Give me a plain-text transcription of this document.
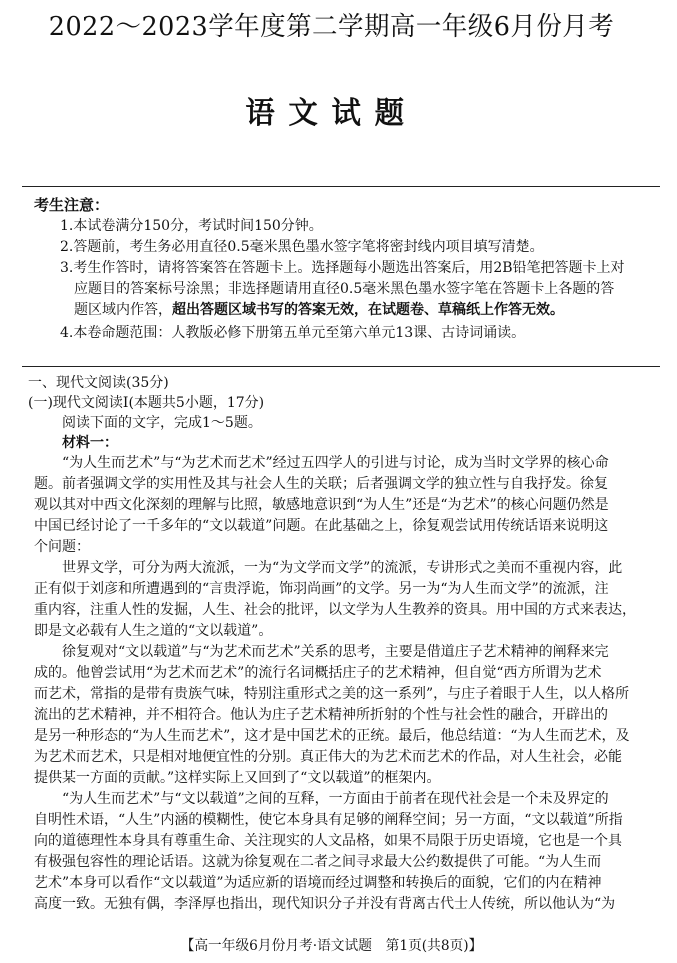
2022～2023学年度第二学期高一年级6月份月考
语文试题
考生注意：
1.本试卷满分150分，考试时间150分钟。
2.答题前，考生务必用直径0.5毫米黑色墨水签字笔将密封线内项目填写清楚。
3.考生作答时，请将答案答在答题卡上。选择题每小题选出答案后，用2B铅笔把答题卡上对
应题目的答案标号涂黑；非选择题请用直径0.5毫米黑色墨水签字笔在答题卡上各题的答
题区域内作答，超出答题区域书写的答案无效，在试题卷、草稿纸上作答无效。
4.本卷命题范围：人教版必修下册第五单元至第六单元13课、古诗词诵读。
一、现代文阅读(35分)
(一)现代文阅读Ⅰ(本题共5小题，17分)
阅读下面的文字，完成1～5题。
材料一：
“为人生而艺术”与“为艺术而艺术”经过五四学人的引进与讨论，成为当时文学界的核心命
题。前者强调文学的实用性及其与社会人生的关联；后者强调文学的独立性与自我抒发。徐复
观以其对中西文化深刻的理解与比照，敏感地意识到“为人生”还是“为艺术”的核心问题仍然是
中国已经讨论了一千多年的“文以载道”问题。在此基础之上，徐复观尝试用传统话语来说明这
个问题：
世界文学，可分为两大流派，一为“为文学而文学”的流派，专讲形式之美而不重视内容，此
正有似于刘彦和所遭遇到的“言贵浮诡，饰羽尚画”的文学。另一为“为人生而文学”的流派，注
重内容，注重人性的发掘，人生、社会的批评，以文学为人生教养的资具。用中国的方式来表达，
即是文必载有人生之道的“文以载道”。
徐复观对“文以载道”与“为艺术而艺术”关系的思考，主要是借道庄子艺术精神的阐释来完
成的。他曾尝试用“为艺术而艺术”的流行名词概括庄子的艺术精神，但自觉“西方所谓为艺术
而艺术，常指的是带有贵族气味，特别注重形式之美的这一系列”，与庄子着眼于人生，以人格所
流出的艺术精神，并不相符合。他认为庄子艺术精神所折射的个性与社会性的融合，开辟出的
是另一种形态的“为人生而艺术”，这才是中国艺术的正统。最后，他总结道：“为人生而艺术，及
为艺术而艺术，只是相对地便宜性的分别。真正伟大的为艺术而艺术的作品，对人生社会，必能
提供某一方面的贡献。”这样实际上又回到了“文以载道”的框架内。
“为人生而艺术”与“文以载道”之间的互释，一方面由于前者在现代社会是一个未及界定的
自明性术语，“人生”内涵的模糊性，使它本身具有足够的阐释空间；另一方面，“文以载道”所指
向的道德理性本身具有尊重生命、关注现实的人文品格，如果不局限于历史语境，它也是一个具
有极强包容性的理论话语。这就为徐复观在二者之间寻求最大公约数提供了可能。“为人生而
艺术”本身可以看作“文以载道”为适应新的语境而经过调整和转换后的面貌，它们的内在精神
高度一致。无独有偶，李泽厚也指出，现代知识分子并没有背离古代士人传统，所以他认为“为
【高一年级6月份月考·语文试题　第1页(共8页)】
